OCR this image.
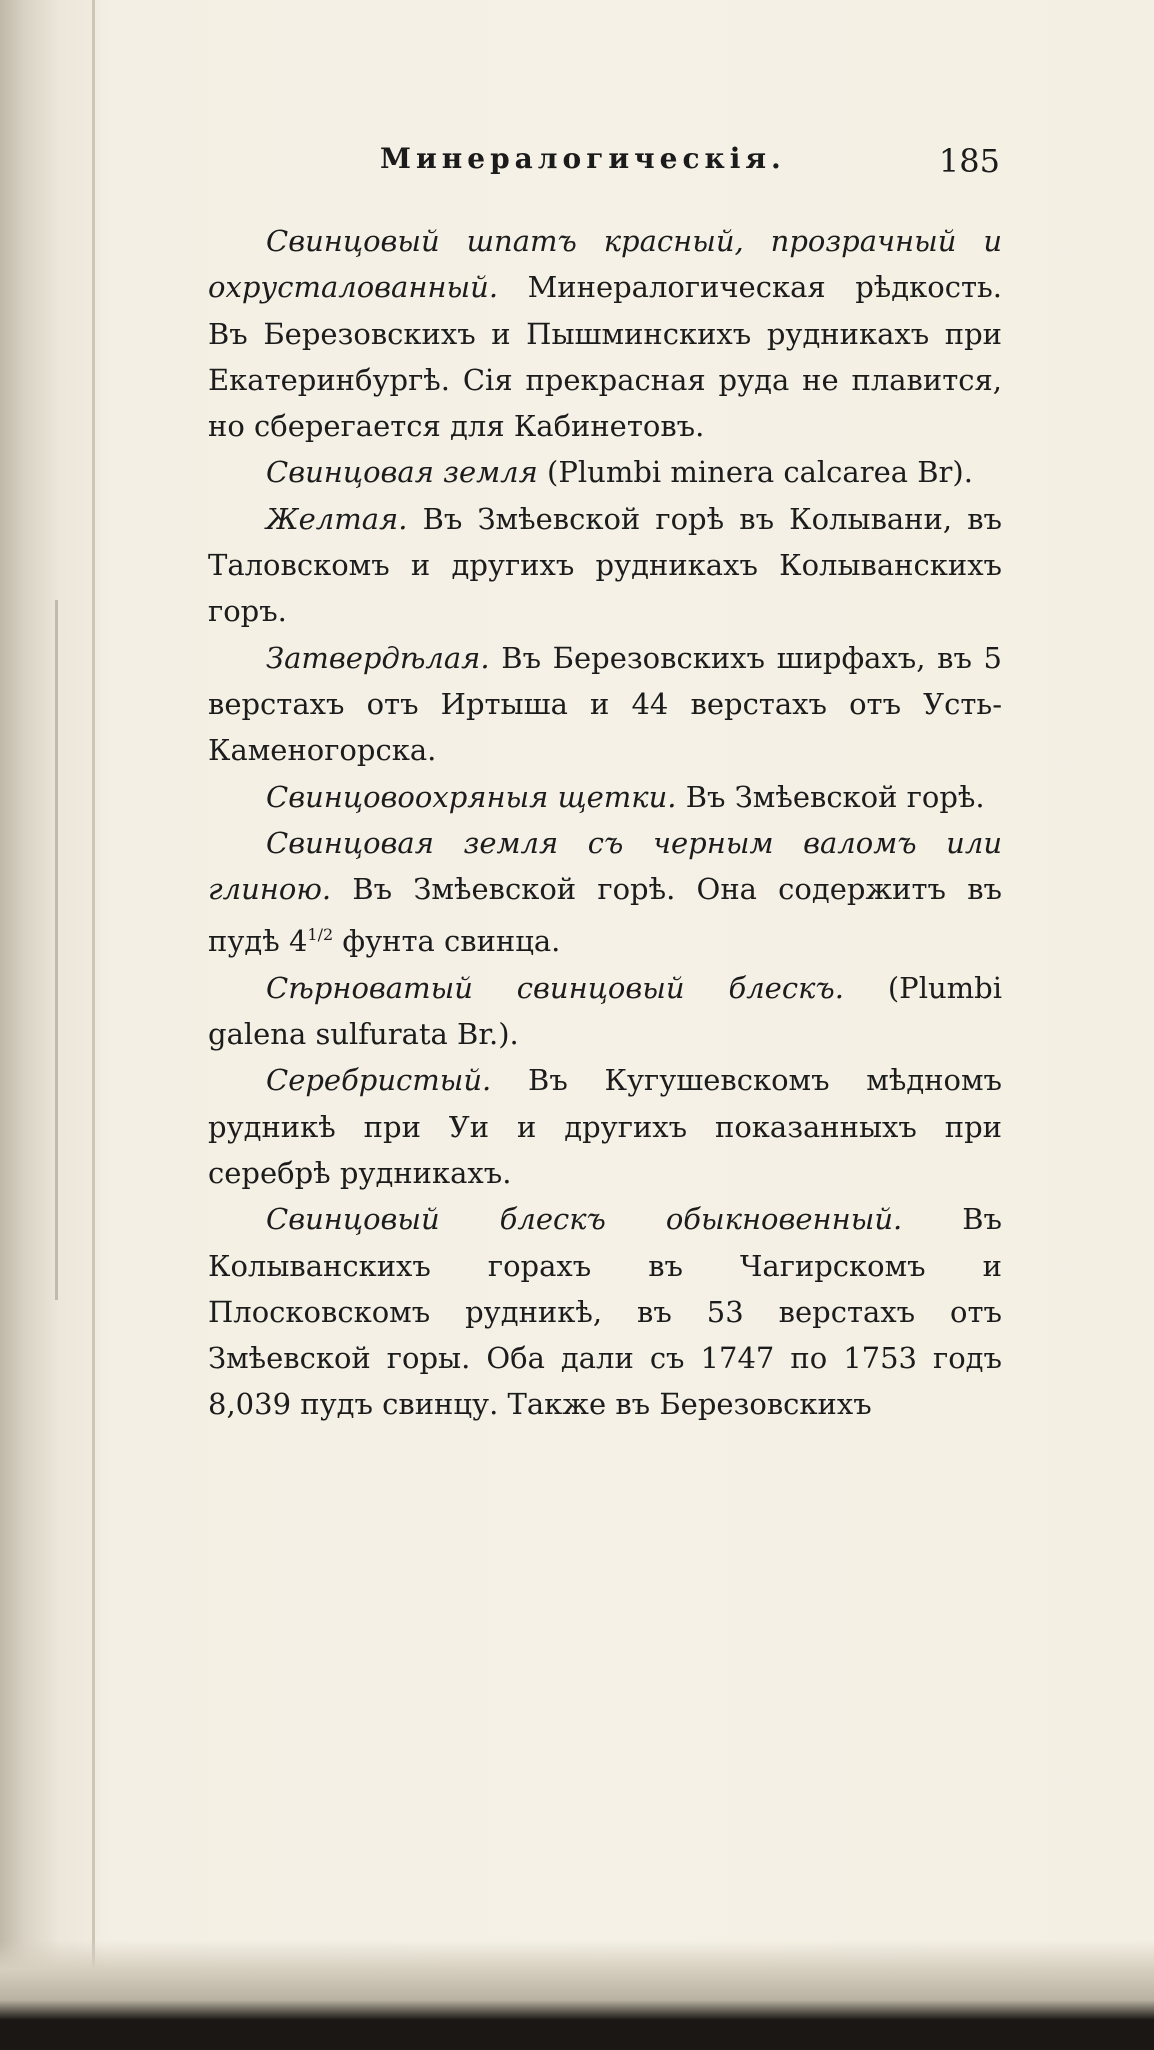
Минералогическія.	185

Свинцовый шпатъ красный, прозрачный и охрусталованный. Минералогическая рѣдкость. Въ Березовскихъ и Пышминскихъ рудникахъ при Екатеринбургѣ. Сія прекрасная руда не плавится, но сберегается для Кабинетовъ.

Свинцовая земля (Plumbi minera calcarea Br).

Желтая. Въ Змѣевской горѣ въ Колывани, въ Таловскомъ и другихъ рудникахъ Колыванскихъ горъ.

Затвердѣлая. Въ Березовскихъ ширфахъ, въ 5 верстахъ отъ Иртыша и 44 верстахъ отъ Усть-Каменогорска.

Свинцовоохряныя щетки. Въ Змѣевской горѣ.

Свинцовая земля съ черным валомъ или глиною. Въ Змѣевской горѣ. Она содержитъ въ пудѣ $4^{1/2}$ фунта свинца.

Сѣрноватый свинцовый блескъ. (Plumbi galena sulfurata Br.).

Серебристый. Въ Кугушевскомъ мѣдномъ рудникѣ при Уи и другихъ показанныхъ при серебрѣ рудникахъ.

Свинцовый блескъ обыкновенный. Въ Колыванскихъ горахъ въ Чагирскомъ и Плосковскомъ рудникѣ, въ 53 верстахъ отъ Змѣевской горы. Оба дали съ 1747 по 1753 годъ 8,039 пудъ свинцу. Также въ Березовскихъ
